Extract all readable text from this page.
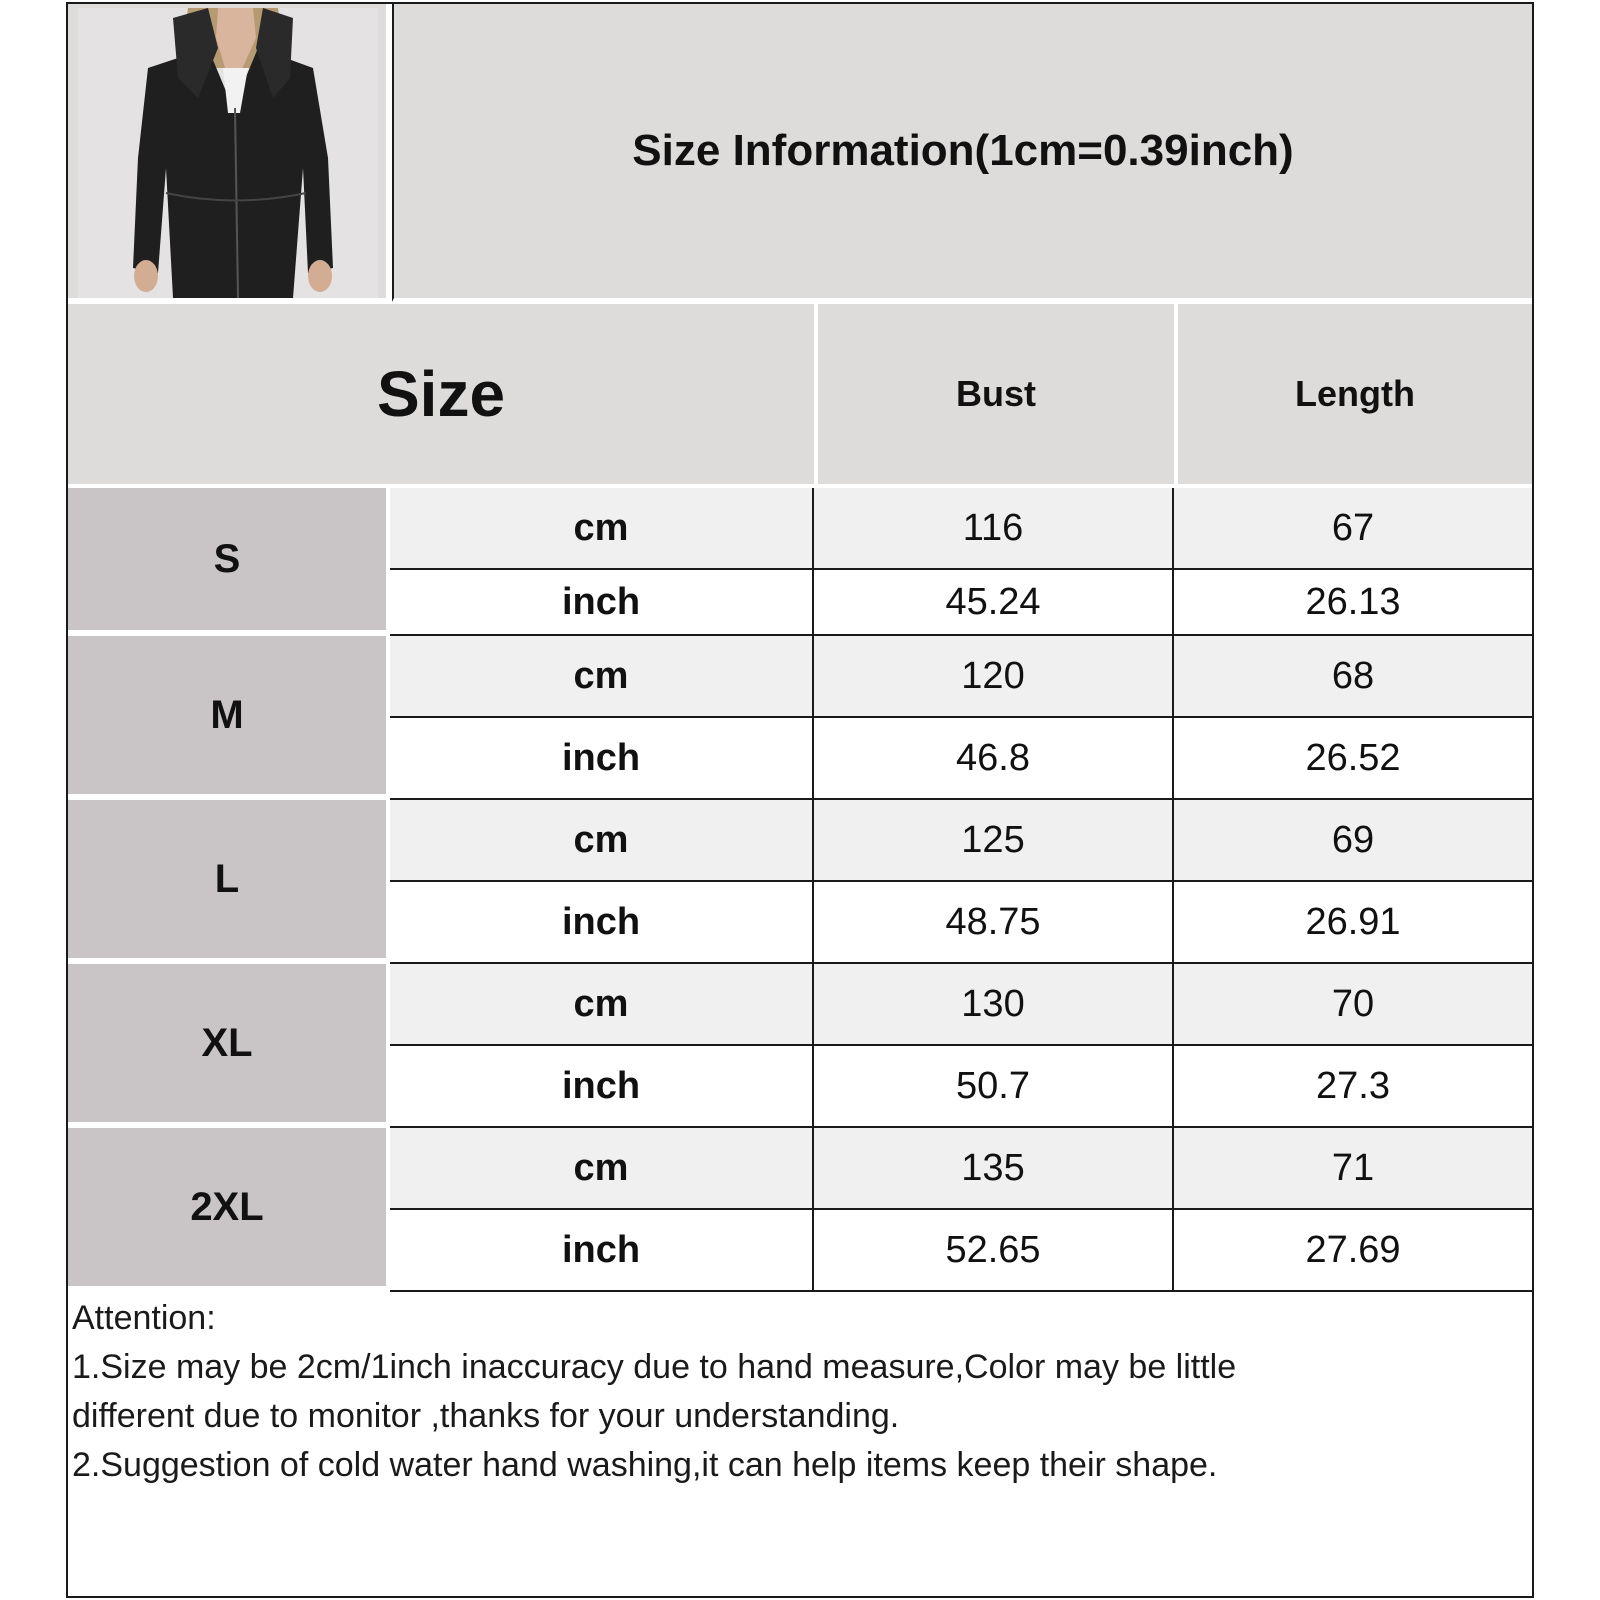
Size Information(1cm=0.39inch)
Size	Bust	Length
S
cm	116	67
inch	45.24	26.13
M
cm	120	68
inch	46.8	26.52
L
cm	125	69
inch	48.75	26.91
XL
cm	130	70
inch	50.7	27.3
2XL
cm	135	71
inch	52.65	27.69
Attention:
1.Size may be 2cm/1inch inaccuracy due to hand measure,Color may be little
different due to monitor ,thanks for your understanding.
2.Suggestion of cold water hand washing,it can help items keep their shape.
